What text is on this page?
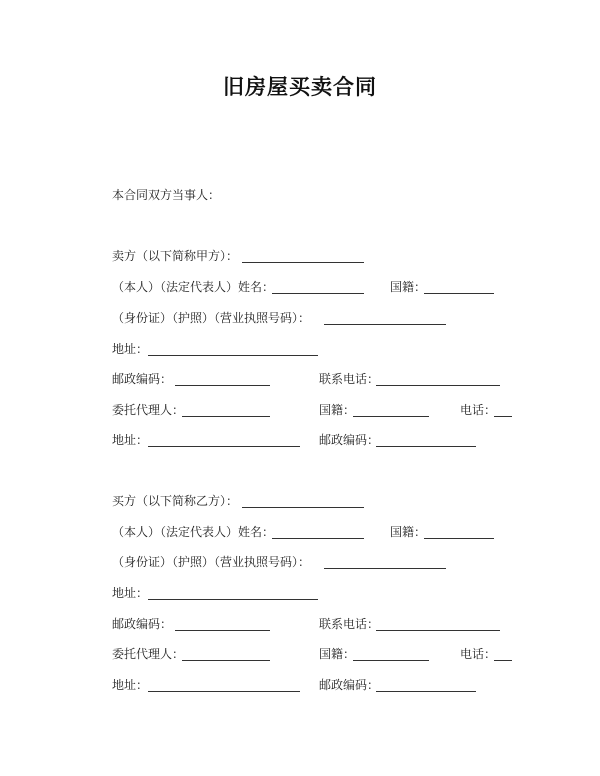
旧房屋买卖合同
本合同双方当事人：
卖方（以下简称甲方）：
（本人）（法定代表人）姓名：	国籍：
（身份证）（护照）（营业执照号码）：
地址：
邮政编码：	联系电话：
委托代理人：	国籍：	电话：
地址：	邮政编码：
买方（以下简称乙方）：
（本人）（法定代表人）姓名：	国籍：
（身份证）（护照）（营业执照号码）：
地址：
邮政编码：	联系电话：
委托代理人：	国籍：	电话：
地址：	邮政编码：
